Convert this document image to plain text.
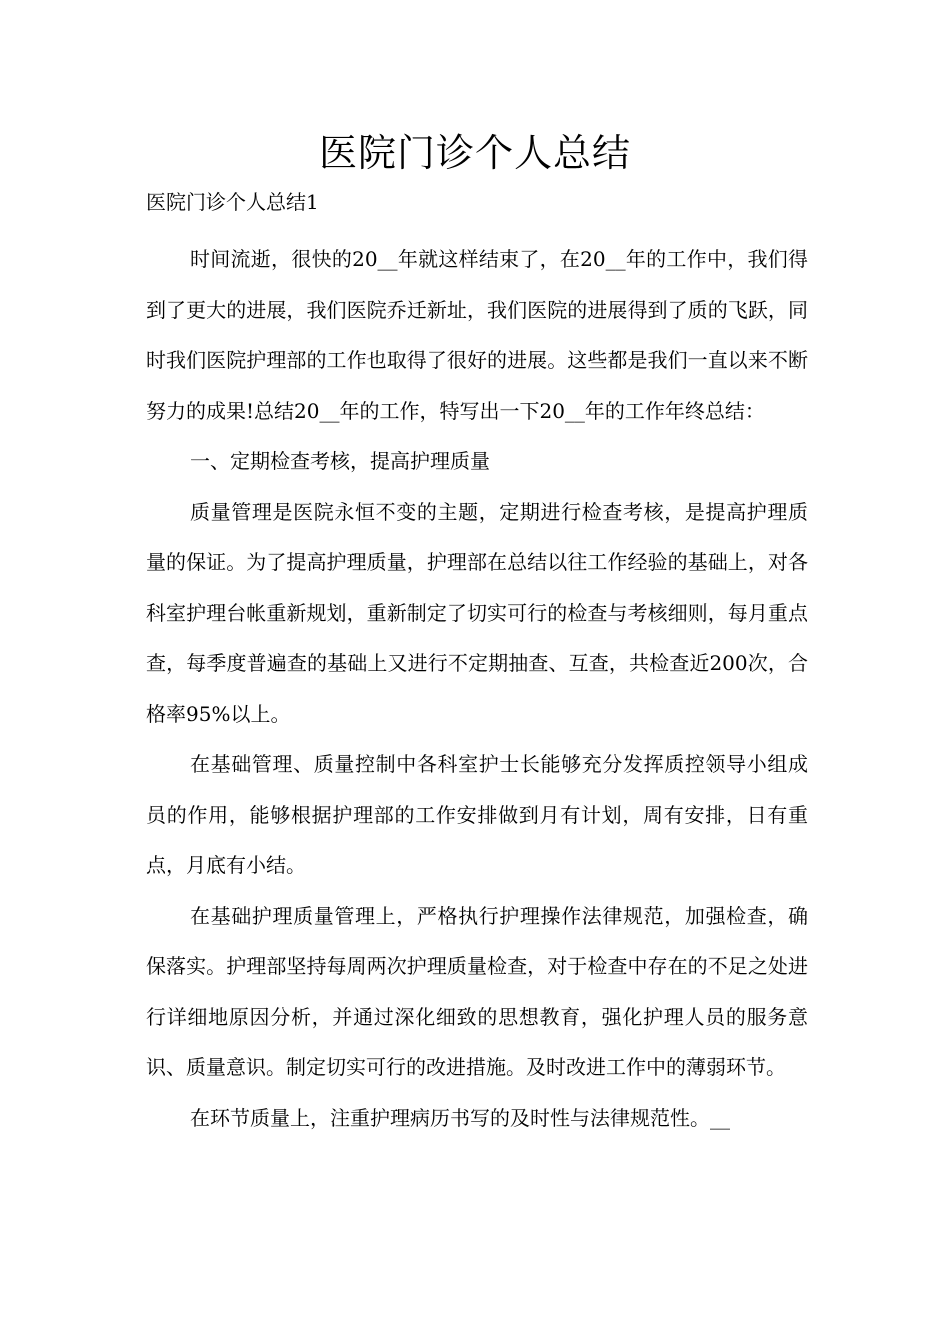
医院门诊个人总结

医院门诊个人总结1

时间流逝，很快的20__年就这样结束了，在20__年的工作中，我们得到了更大的进展，我们医院乔迁新址，我们医院的进展得到了质的飞跃，同时我们医院护理部的工作也取得了很好的进展。这些都是我们一直以来不断努力的成果!总结20__年的工作，特写出一下20__年的工作年终总结：

一、定期检查考核，提高护理质量

质量管理是医院永恒不变的主题，定期进行检查考核，是提高护理质量的保证。为了提高护理质量，护理部在总结以往工作经验的基础上，对各科室护理台帐重新规划，重新制定了切实可行的检查与考核细则，每月重点查，每季度普遍查的基础上又进行不定期抽查、互查，共检查近200次，合格率95%以上。

在基础管理、质量控制中各科室护士长能够充分发挥质控领导小组成员的作用，能够根据护理部的工作安排做到月有计划，周有安排，日有重点，月底有小结。

在基础护理质量管理上，严格执行护理操作法律规范，加强检查，确保落实。护理部坚持每周两次护理质量检查，对于检查中存在的不足之处进行详细地原因分析，并通过深化细致的思想教育，强化护理人员的服务意识、质量意识。制定切实可行的改进措施。及时改进工作中的薄弱环节。

在环节质量上，注重护理病历书写的及时性与法律规范性。__
